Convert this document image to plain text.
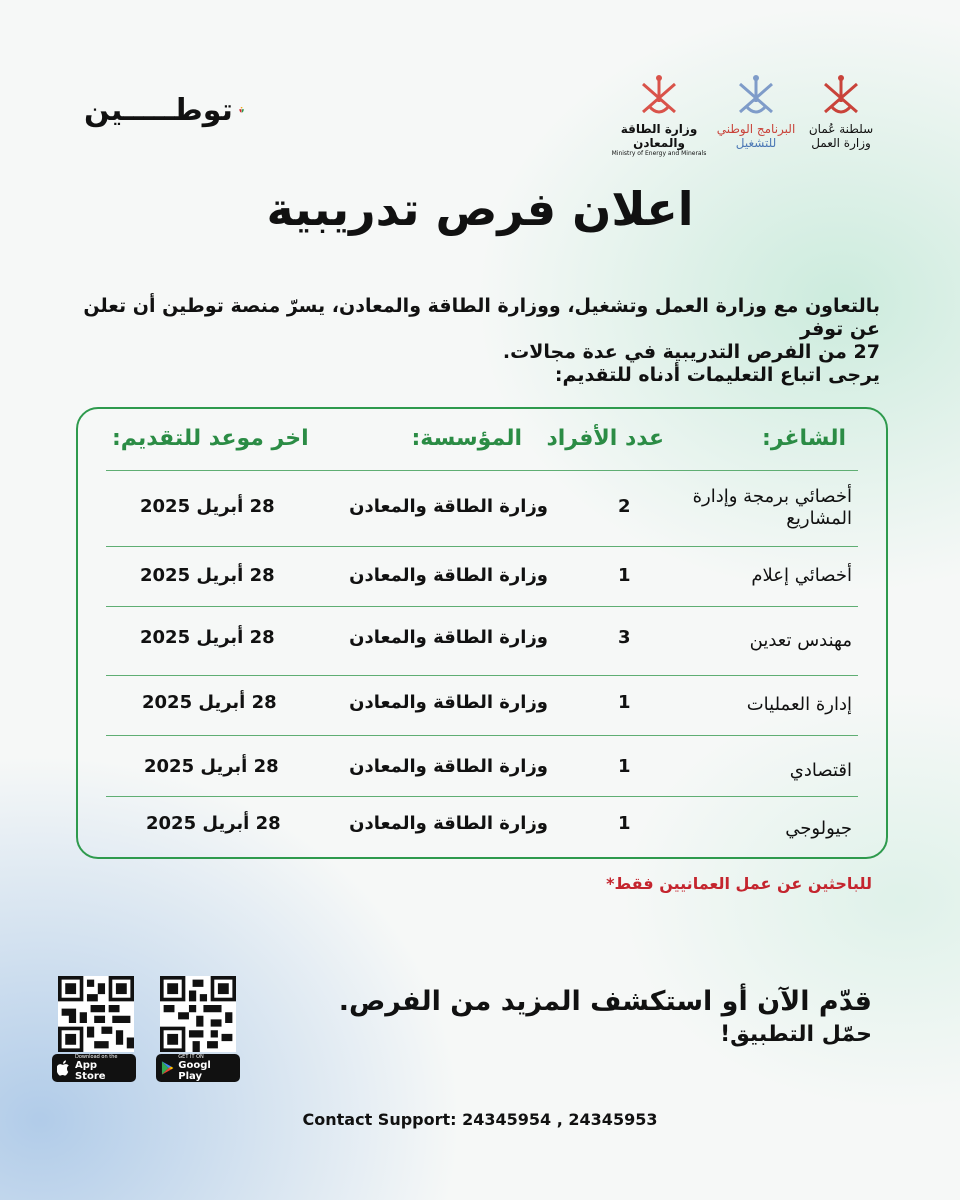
توطـــــين
وزارة الطاقة والمعادن
Ministry of Energy and Minerals
البرنامج الوطني
للتشغيل
سلطنة عُمان
وزارة العمل
اعلان فرص تدريبية
بالتعاون مع وزارة العمل وتشغيل، ووزارة الطاقة والمعادن، يسرّ منصة توطين أن تعلن عن توفر
27 من الفرص التدريبية في عدة مجالات.
يرجى اتباع التعليمات أدناه للتقديم:
الشاغر:
عدد الأفراد
المؤسسة:
اخر موعد للتقديم:
أخصائي برمجة وإدارة المشاريع
2
وزارة الطاقة والمعادن
28 أبريل 2025
أخصائي إعلام
1
وزارة الطاقة والمعادن
28 أبريل 2025
مهندس تعدين
3
وزارة الطاقة والمعادن
28 أبريل 2025
إدارة العمليات
1
وزارة الطاقة والمعادن
28 أبريل 2025
اقتصادي
1
وزارة الطاقة والمعادن
28 أبريل 2025
جيولوجي
1
وزارة الطاقة والمعادن
28 أبريل 2025
للباحثين عن عمل العمانيين فقط*
قدّم الآن أو استكشف المزيد من الفرص.
حمّل التطبيق!
Download on the
App Store
GET IT ON
Googl Play
Contact Support: 24345954 , 24345953
